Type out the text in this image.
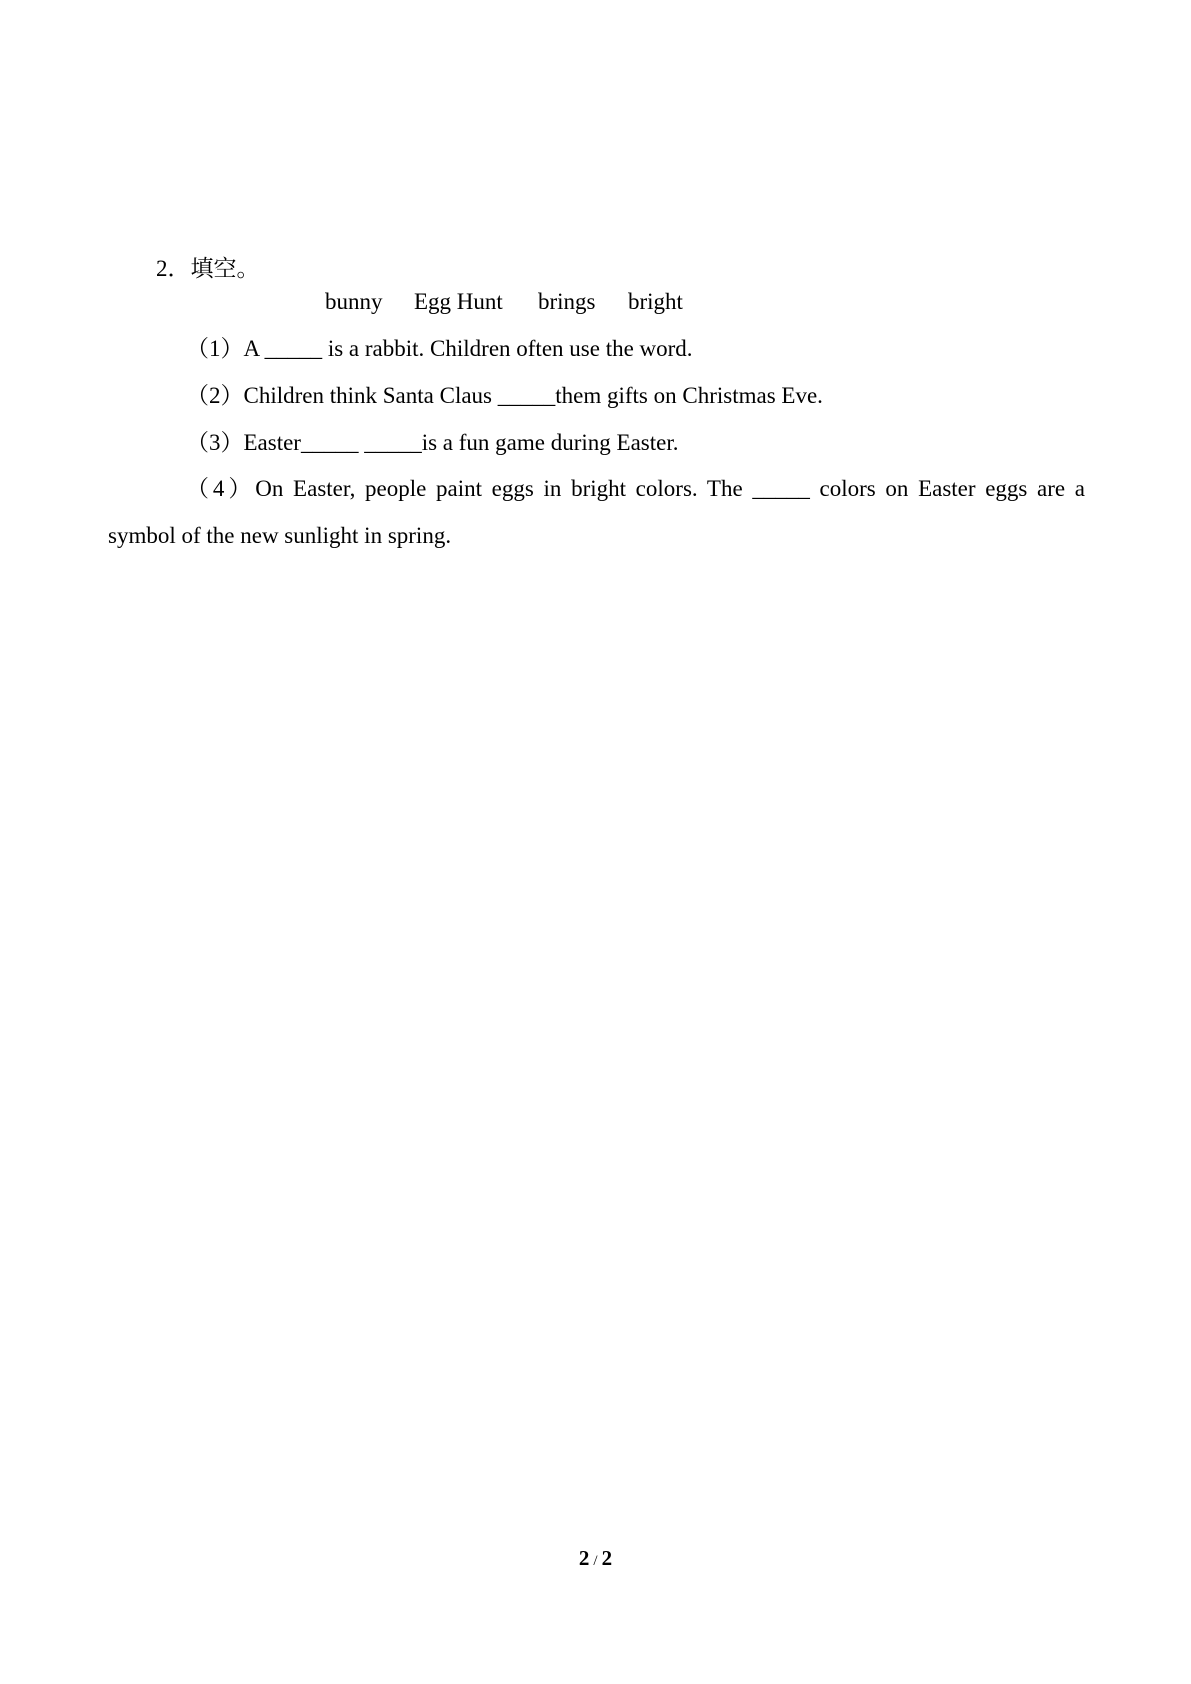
2．填空。
bunny	Egg Hunt	brings	bright
（1）A _____ is a rabbit. Children often use the word.
（2）Children think Santa Claus _____them gifts on Christmas Eve.
（3）Easter_____ _____is a fun game during Easter.
（4）On Easter, people paint eggs in bright colors. The _____ colors on Easter eggs are a
symbol of the new sunlight in spring.
2 / 2
